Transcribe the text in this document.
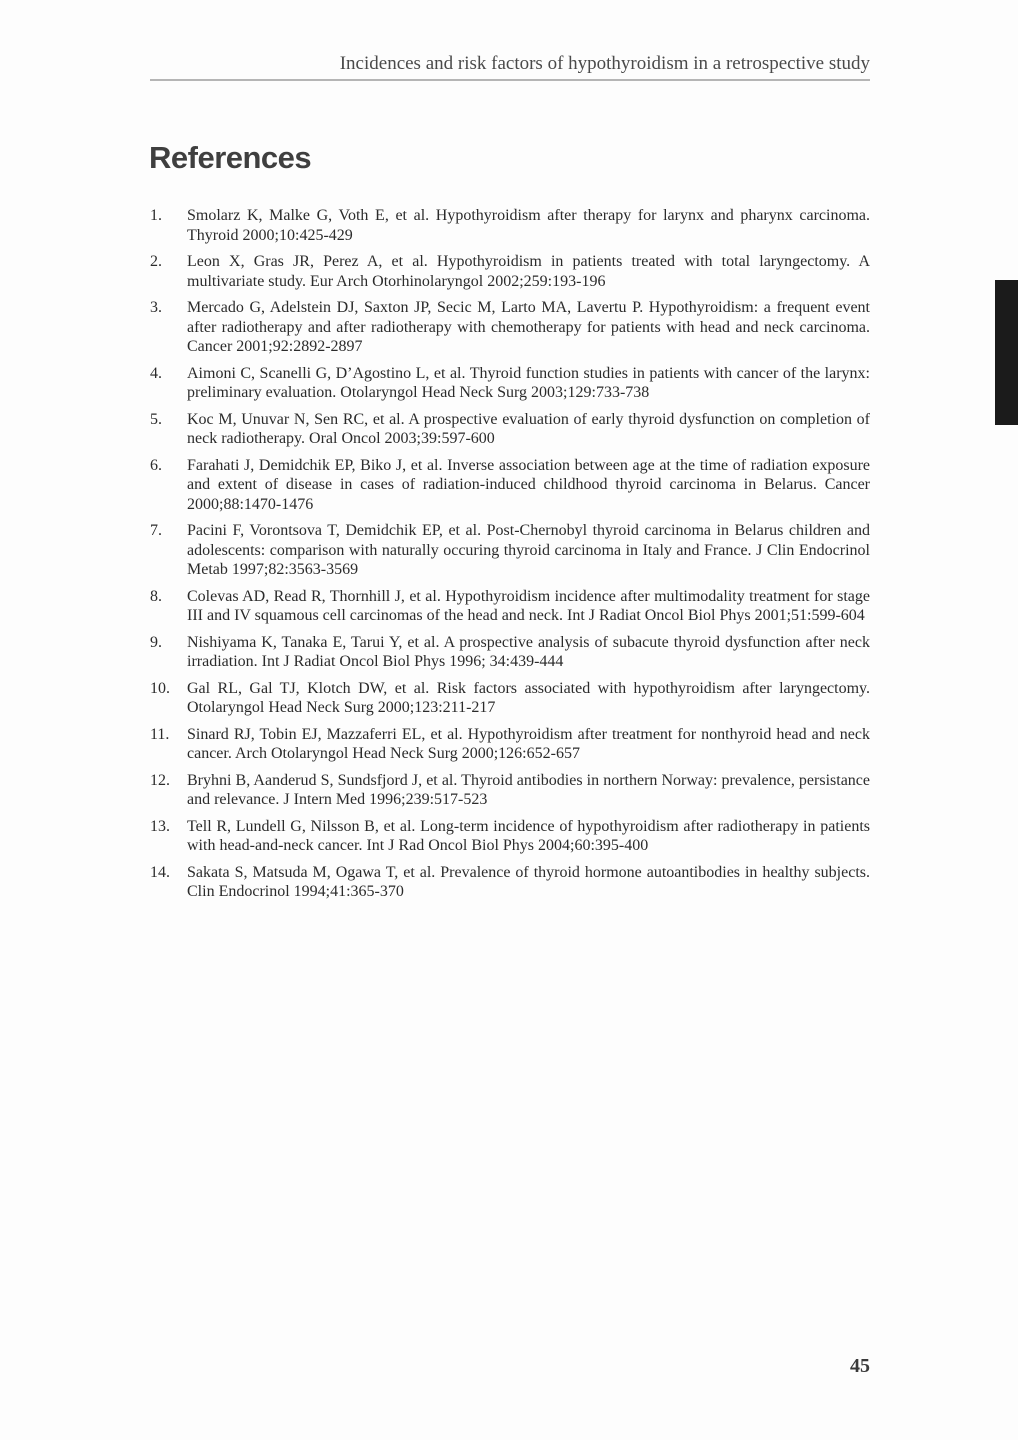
Incidences and risk factors of hypothyroidism in a retrospective study
References
1.	Smolarz K, Malke G, Voth E, et al. Hypothyroidism after therapy for larynx and pharynx carcinoma. Thyroid 2000;10:425-429

2.	Leon X, Gras JR, Perez A, et al. Hypothyroidism in patients treated with total laryngectomy. A multivariate study. Eur Arch Otorhinolaryngol 2002;259:193-196

3.	Mercado G, Adelstein DJ, Saxton JP, Secic M, Larto MA, Lavertu P. Hypothyroidism: a frequent event after radiotherapy and after radiotherapy with chemotherapy for patients with head and neck carcinoma. Cancer 2001;92:2892-2897

4.	Aimoni C, Scanelli G, D’Agostino L, et al. Thyroid function studies in patients with cancer of the larynx: preliminary evaluation. Otolaryngol Head Neck Surg 2003;129:733-738

5.	Koc M, Unuvar N, Sen RC, et al. A prospective evaluation of early thyroid dysfunction on completion of neck radiotherapy. Oral Oncol 2003;39:597-600

6.	Farahati J, Demidchik EP, Biko J, et al. Inverse association between age at the time of radiation exposure and extent of disease in cases of radiation-induced childhood thyroid carcinoma in Belarus. Cancer 2000;88:1470-1476

7.	Pacini F, Vorontsova T, Demidchik EP, et al. Post-Chernobyl thyroid carcinoma in Belarus children and adolescents: comparison with naturally occuring thyroid carcinoma in Italy and France. J Clin Endocrinol Metab 1997;82:3563-3569

8.	Colevas AD, Read R, Thornhill J, et al. Hypothyroidism incidence after multimodality treatment for stage III and IV squamous cell carcinomas of the head and neck. Int J Radiat Oncol Biol Phys 2001;51:599-604

9.	Nishiyama K, Tanaka E, Tarui Y, et al. A prospective analysis of subacute thyroid dysfunction after neck irradiation. Int J Radiat Oncol Biol Phys 1996; 34:439-444

10.	Gal RL, Gal TJ, Klotch DW, et al. Risk factors associated with hypothyroidism after laryngectomy. Otolaryngol Head Neck Surg 2000;123:211-217

11.	Sinard RJ, Tobin EJ, Mazzaferri EL, et al. Hypothyroidism after treatment for nonthyroid head and neck cancer. Arch Otolaryngol Head Neck Surg 2000;126:652-657

12.	Bryhni B, Aanderud S, Sundsfjord J, et al. Thyroid antibodies in northern Norway: prevalence, persistance and relevance. J Intern Med 1996;239:517-523

13.	Tell R, Lundell G, Nilsson B, et al. Long-term incidence of hypothyroidism after radiotherapy in patients with head-and-neck cancer. Int J Rad Oncol Biol Phys 2004;60:395-400

14.	Sakata S, Matsuda M, Ogawa T, et al. Prevalence of thyroid hormone autoantibodies in healthy subjects. Clin Endocrinol 1994;41:365-370

45
